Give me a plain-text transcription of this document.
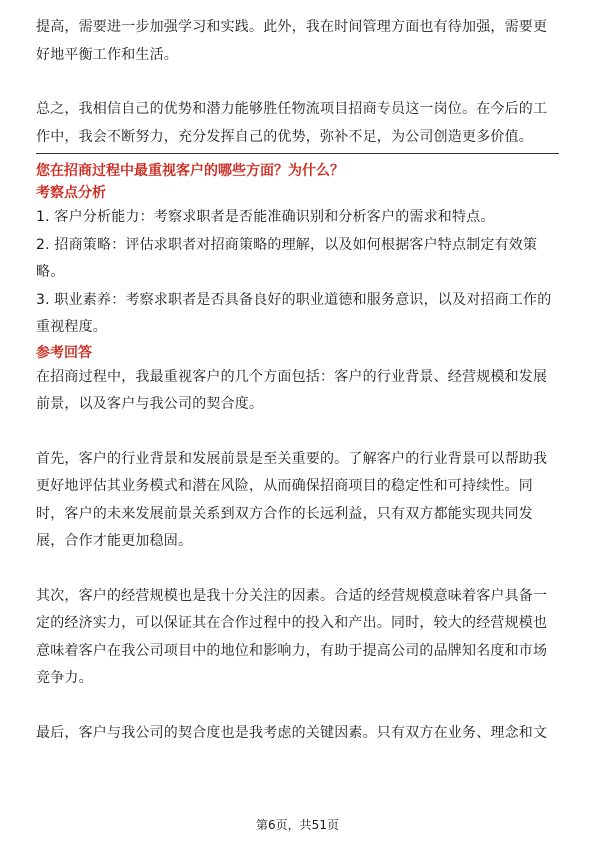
提高，需要进一步加强学习和实践。此外，我在时间管理方面也有待加强，需要更好地平衡工作和生活。

总之，我相信自己的优势和潜力能够胜任物流项目招商专员这一岗位。在今后的工作中，我会不断努力，充分发挥自己的优势，弥补不足，为公司创造更多价值。

您在招商过程中最重视客户的哪些方面？为什么？

考察点分析

1. 客户分析能力：考察求职者是否能准确识别和分析客户的需求和特点。

2. 招商策略：评估求职者对招商策略的理解，以及如何根据客户特点制定有效策略。

3. 职业素养：考察求职者是否具备良好的职业道德和服务意识，以及对招商工作的重视程度。

参考回答

在招商过程中，我最重视客户的几个方面包括：客户的行业背景、经营规模和发展前景，以及客户与我公司的契合度。

首先，客户的行业背景和发展前景是至关重要的。了解客户的行业背景可以帮助我更好地评估其业务模式和潜在风险，从而确保招商项目的稳定性和可持续性。同时，客户的未来发展前景关系到双方合作的长远利益，只有双方都能实现共同发展，合作才能更加稳固。

其次，客户的经营规模也是我十分关注的因素。合适的经营规模意味着客户具备一定的经济实力，可以保证其在合作过程中的投入和产出。同时，较大的经营规模也意味着客户在我公司项目中的地位和影响力，有助于提高公司的品牌知名度和市场竞争力。

最后，客户与我公司的契合度也是我考虑的关键因素。只有双方在业务、理念和文

第6页，共51页
